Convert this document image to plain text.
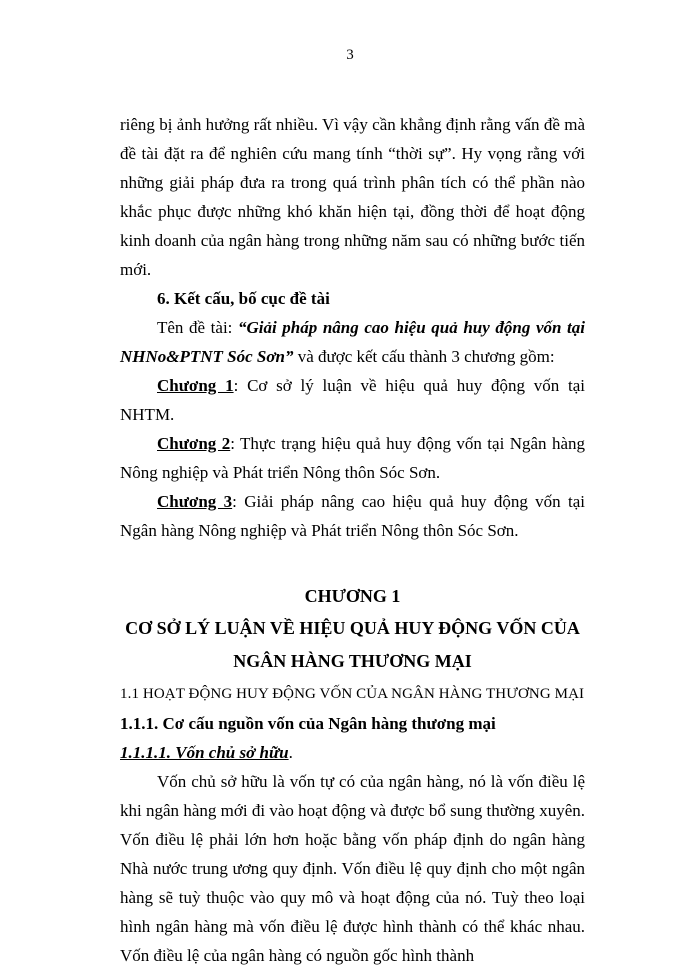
3

riêng bị ảnh hưởng rất nhiều. Vì vậy cần khẳng định rằng vấn đề mà đề tài đặt ra để nghiên cứu mang tính “thời sự”. Hy vọng rằng với những giải pháp đưa ra trong quá trình phân tích có thể phần nào khắc phục được những khó khăn hiện tại, đồng thời để hoạt động kinh doanh của ngân hàng trong những năm sau có những bước tiến mới.

6. Kết cấu, bố cục đề tài

Tên đề tài: “Giải pháp nâng cao hiệu quả huy động vốn tại NHNo&PTNT Sóc Sơn” và được kết cấu thành 3 chương gồm:

Chương 1: Cơ sở lý luận về hiệu quả huy động vốn tại NHTM.

Chương 2: Thực trạng hiệu quả huy động vốn tại Ngân hàng Nông nghiệp và Phát triển Nông thôn Sóc Sơn.

Chương 3: Giải pháp nâng cao hiệu quả huy động vốn tại Ngân hàng Nông nghiệp và Phát triển Nông thôn Sóc Sơn.

CHƯƠNG 1
CƠ SỞ LÝ LUẬN VỀ HIỆU QUẢ HUY ĐỘNG VỐN CỦA
NGÂN HÀNG THƯƠNG MẠI

1.1 HOẠT ĐỘNG HUY ĐỘNG VỐN CỦA NGÂN HÀNG THƯƠNG MẠI

1.1.1. Cơ cấu nguồn vốn của Ngân hàng thương mại

1.1.1.1. Vốn chủ sở hữu.

Vốn chủ sở hữu là vốn tự có của ngân hàng, nó là vốn điều lệ khi ngân hàng mới đi vào hoạt động và được bổ sung thường xuyên. Vốn điều lệ phải lớn hơn hoặc bằng vốn pháp định do ngân hàng Nhà nước trung ương quy định. Vốn điều lệ quy định cho một ngân hàng sẽ tuỳ thuộc vào quy mô và hoạt động của nó. Tuỳ theo loại hình ngân hàng mà vốn điều lệ được hình thành có thể khác nhau. Vốn điều lệ của ngân hàng có nguồn gốc hình thành
